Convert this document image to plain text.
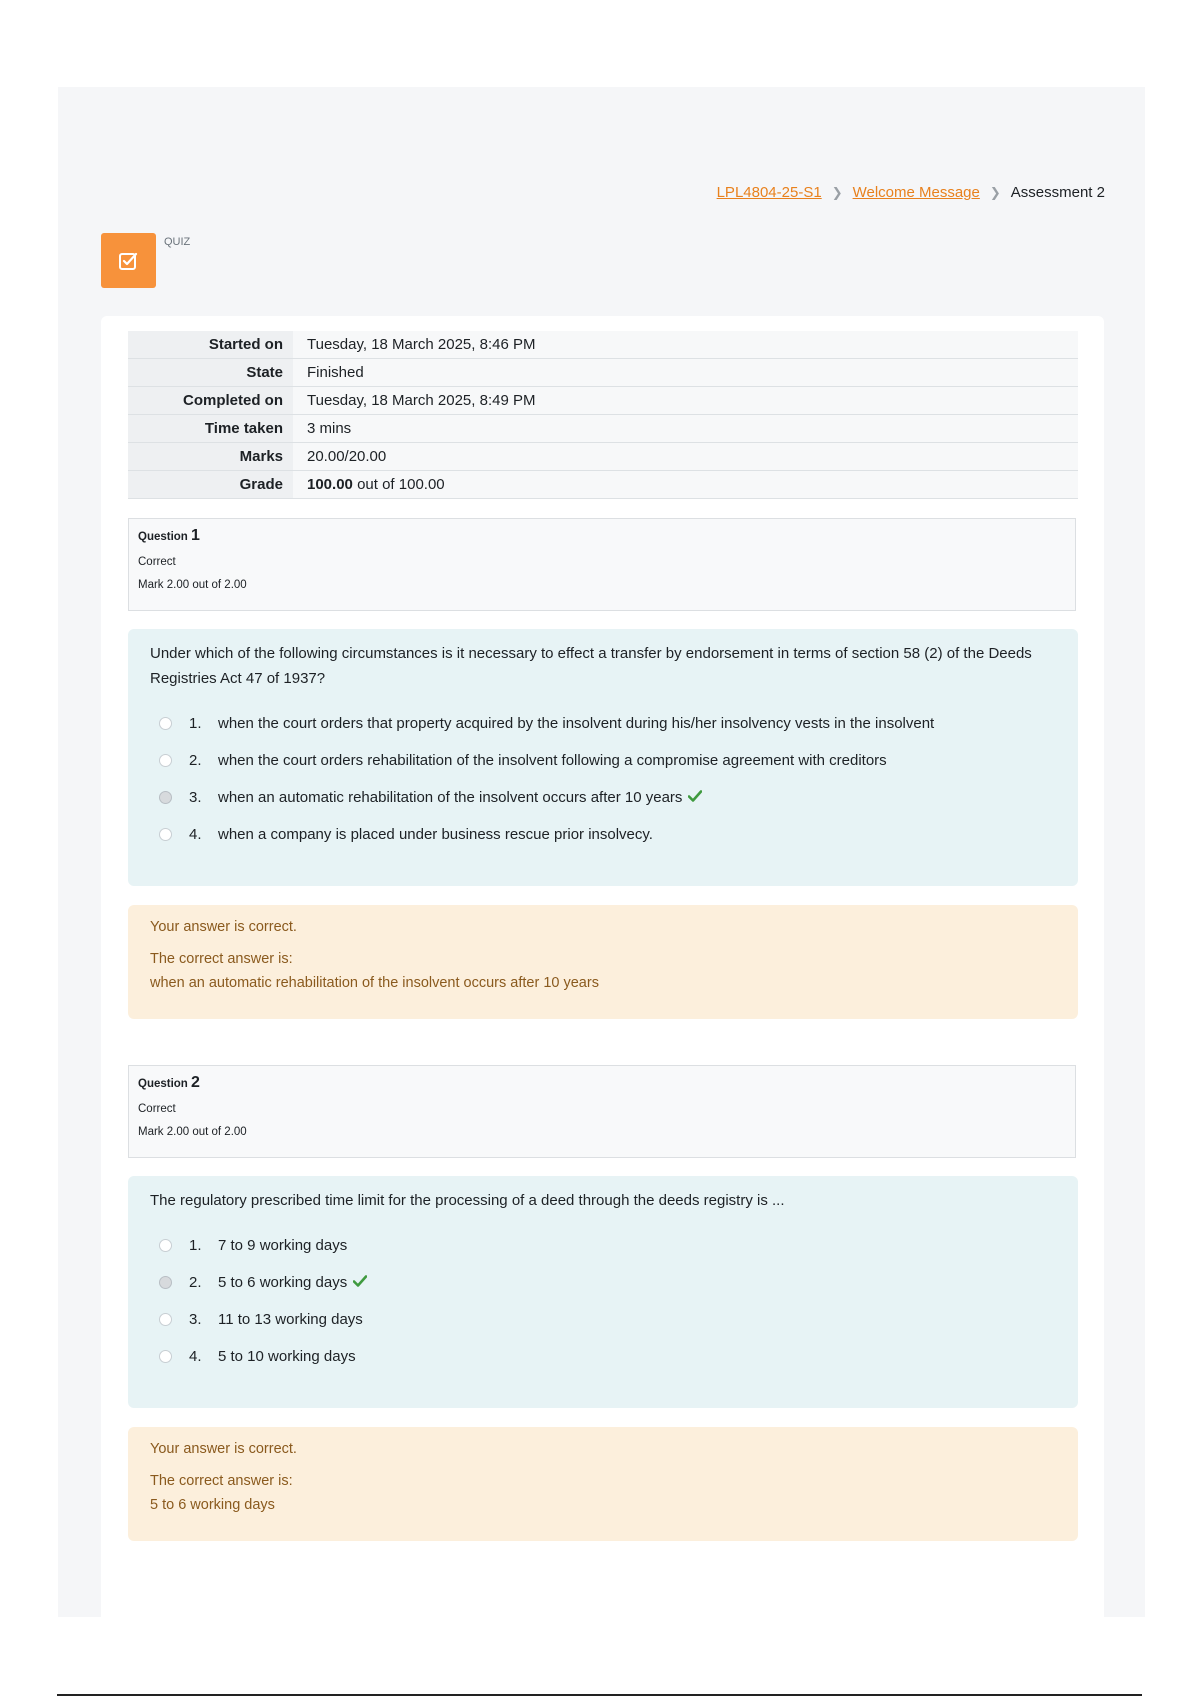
LPL4804-25-S1 ❯ Welcome Message ❯ Assessment 2
QUIZ
Started on	Tuesday, 18 March 2025, 8:46 PM
State	Finished
Completed on	Tuesday, 18 March 2025, 8:49 PM
Time taken	3 mins
Marks	20.00/20.00
Grade	100.00 out of 100.00
Question 1
Correct
Mark 2.00 out of 2.00

Under which of the following circumstances is it necessary to effect a transfer by endorsement in terms of section 58 (2) of the Deeds Registries Act 47 of 1937?

1.	when the court orders that property acquired by the insolvent during his/her insolvency vests in the insolvent
2.	when the court orders rehabilitation of the insolvent following a compromise agreement with creditors
3.	when an automatic rehabilitation of the insolvent occurs after 10 years
4.	when a company is placed under business rescue prior insolvecy.
Your answer is correct.
The correct answer is:
when an automatic rehabilitation of the insolvent occurs after 10 years
Question 2
Correct
Mark 2.00 out of 2.00

The regulatory prescribed time limit for the processing of a deed through the deeds registry is ...

1.	7 to 9 working days
2.	5 to 6 working days
3.	11 to 13 working days
4.	5 to 10 working days
Your answer is correct.
The correct answer is:
5 to 6 working days
